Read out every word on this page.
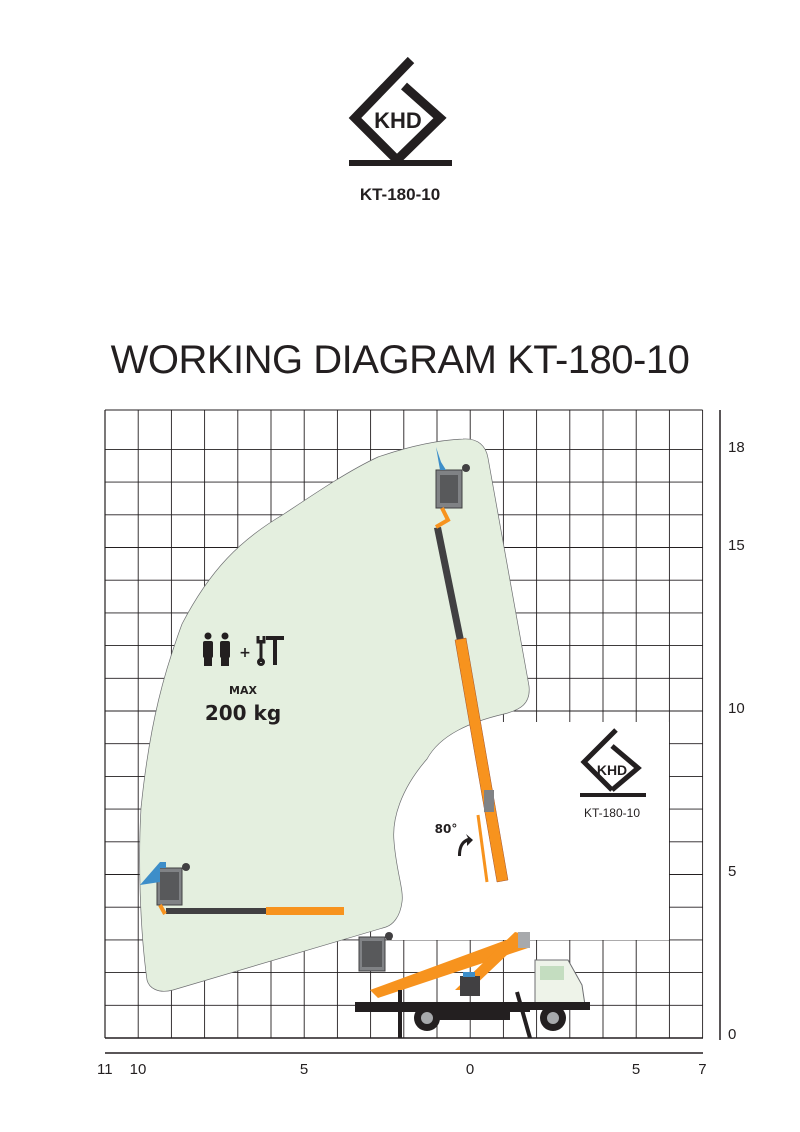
KHD
KT-180-10
WORKING DIAGRAM KT-180-10
+
MAX
200 kg
80°
KHD
KT-180-10
0
5
10
15
18
11 10	5	0	5	7
